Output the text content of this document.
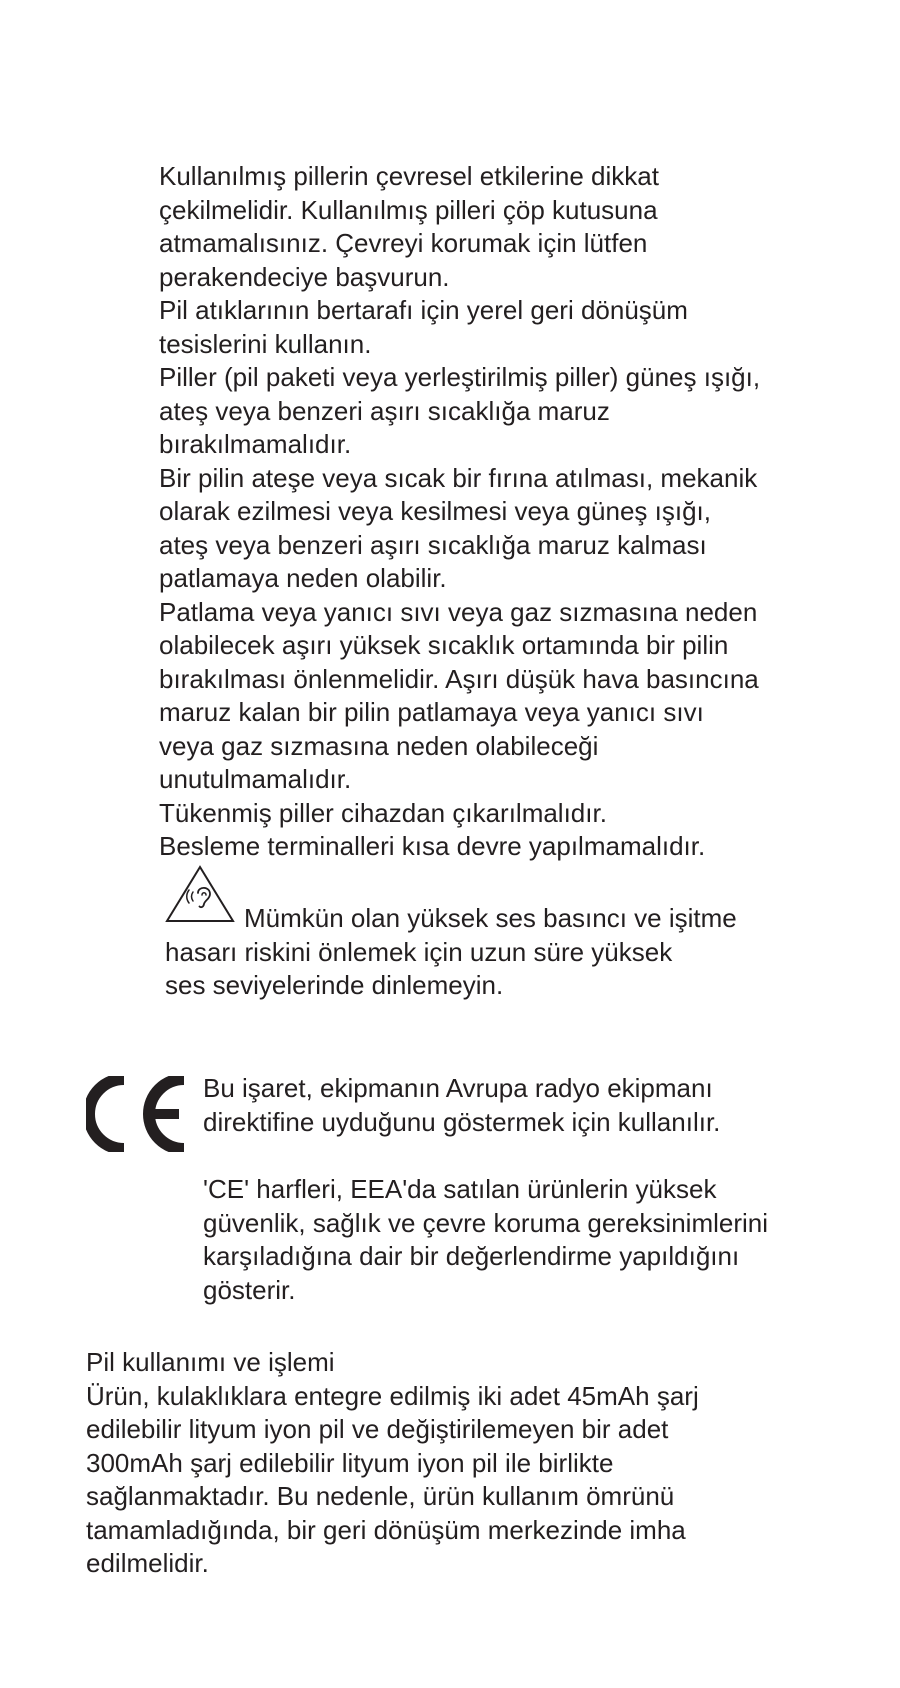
Kullanılmış pillerin çevresel etkilerine dikkat

çekilmelidir. Kullanılmış pilleri çöp kutusuna

atmamalısınız. Çevreyi korumak için lütfen

perakendeciye başvurun.

Pil atıklarının bertarafı için yerel geri dönüşüm

tesislerini kullanın.

Piller (pil paketi veya yerleştirilmiş piller) güneş ışığı,

ateş veya benzeri aşırı sıcaklığa maruz

bırakılmamalıdır.

Bir pilin ateşe veya sıcak bir fırına atılması, mekanik

olarak ezilmesi veya kesilmesi veya güneş ışığı,

ateş veya benzeri aşırı sıcaklığa maruz kalması

patlamaya neden olabilir.

Patlama veya yanıcı sıvı veya gaz sızmasına neden

olabilecek aşırı yüksek sıcaklık ortamında bir pilin

bırakılması önlenmelidir. Aşırı düşük hava basıncına

maruz kalan bir pilin patlamaya veya yanıcı sıvı

veya gaz sızmasına neden olabileceği

unutulmamalıdır.

Tükenmiş piller cihazdan çıkarılmalıdır.

Besleme terminalleri kısa devre yapılmamalıdır.

Mümkün olan yüksek ses basıncı ve işitme
hasarı riskini önlemek için uzun süre yüksek
ses seviyelerinde dinlemeyin.
Bu işaret, ekipmanın Avrupa radyo ekipmanı
direktifine uyduğunu göstermek için kullanılır.
'CE' harfleri, EEA'da satılan ürünlerin yüksek
güvenlik, sağlık ve çevre koruma gereksinimlerini
karşıladığına dair bir değerlendirme yapıldığını
gösterir.

Pil kullanımı ve işlemi

Ürün, kulaklıklara entegre edilmiş iki adet 45mAh şarj

edilebilir lityum iyon pil ve değiştirilemeyen bir adet

300mAh şarj edilebilir lityum iyon pil ile birlikte

sağlanmaktadır. Bu nedenle, ürün kullanım ömrünü

tamamladığında, bir geri dönüşüm merkezinde imha

edilmelidir.
